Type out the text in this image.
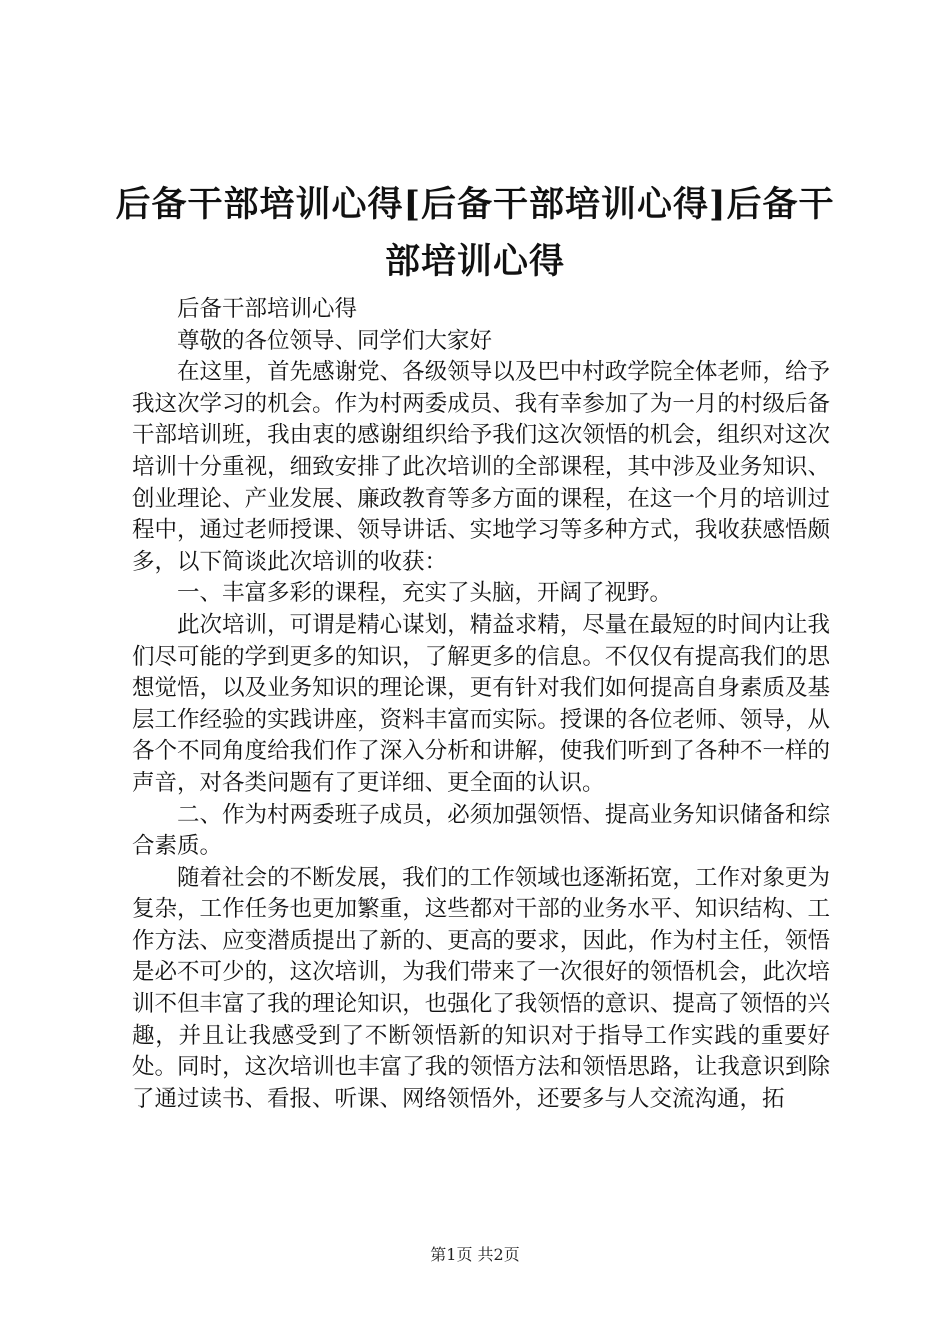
后备干部培训心得[后备干部培训心得]后备干部培训心得

后备干部培训心得

尊敬的各位领导、同学们大家好

在这里，首先感谢党、各级领导以及巴中村政学院全体老师，给予我这次学习的机会。作为村两委成员、我有幸参加了为一月的村级后备干部培训班，我由衷的感谢组织给予我们这次领悟的机会，组织对这次培训十分重视，细致安排了此次培训的全部课程，其中涉及业务知识、创业理论、产业发展、廉政教育等多方面的课程，在这一个月的培训过程中，通过老师授课、领导讲话、实地学习等多种方式，我收获感悟颇多，以下简谈此次培训的收获：

一、丰富多彩的课程，充实了头脑，开阔了视野。

此次培训，可谓是精心谋划，精益求精，尽量在最短的时间内让我们尽可能的学到更多的知识，了解更多的信息。不仅仅有提高我们的思想觉悟，以及业务知识的理论课，更有针对我们如何提高自身素质及基层工作经验的实践讲座，资料丰富而实际。授课的各位老师、领导，从各个不同角度给我们作了深入分析和讲解，使我们听到了各种不一样的声音，对各类问题有了更详细、更全面的认识。

二、作为村两委班子成员，必须加强领悟、提高业务知识储备和综合素质。

随着社会的不断发展，我们的工作领域也逐渐拓宽，工作对象更为复杂，工作任务也更加繁重，这些都对干部的业务水平、知识结构、工作方法、应变潜质提出了新的、更高的要求，因此，作为村主任，领悟是必不可少的，这次培训，为我们带来了一次很好的领悟机会，此次培训不但丰富了我的理论知识，也强化了我领悟的意识、提高了领悟的兴趣，并且让我感受到了不断领悟新的知识对于指导工作实践的重要好处。同时，这次培训也丰富了我的领悟方法和领悟思路，让我意识到除了通过读书、看报、听课、网络领悟外，还要多与人交流沟通，拓

第1页 共2页
